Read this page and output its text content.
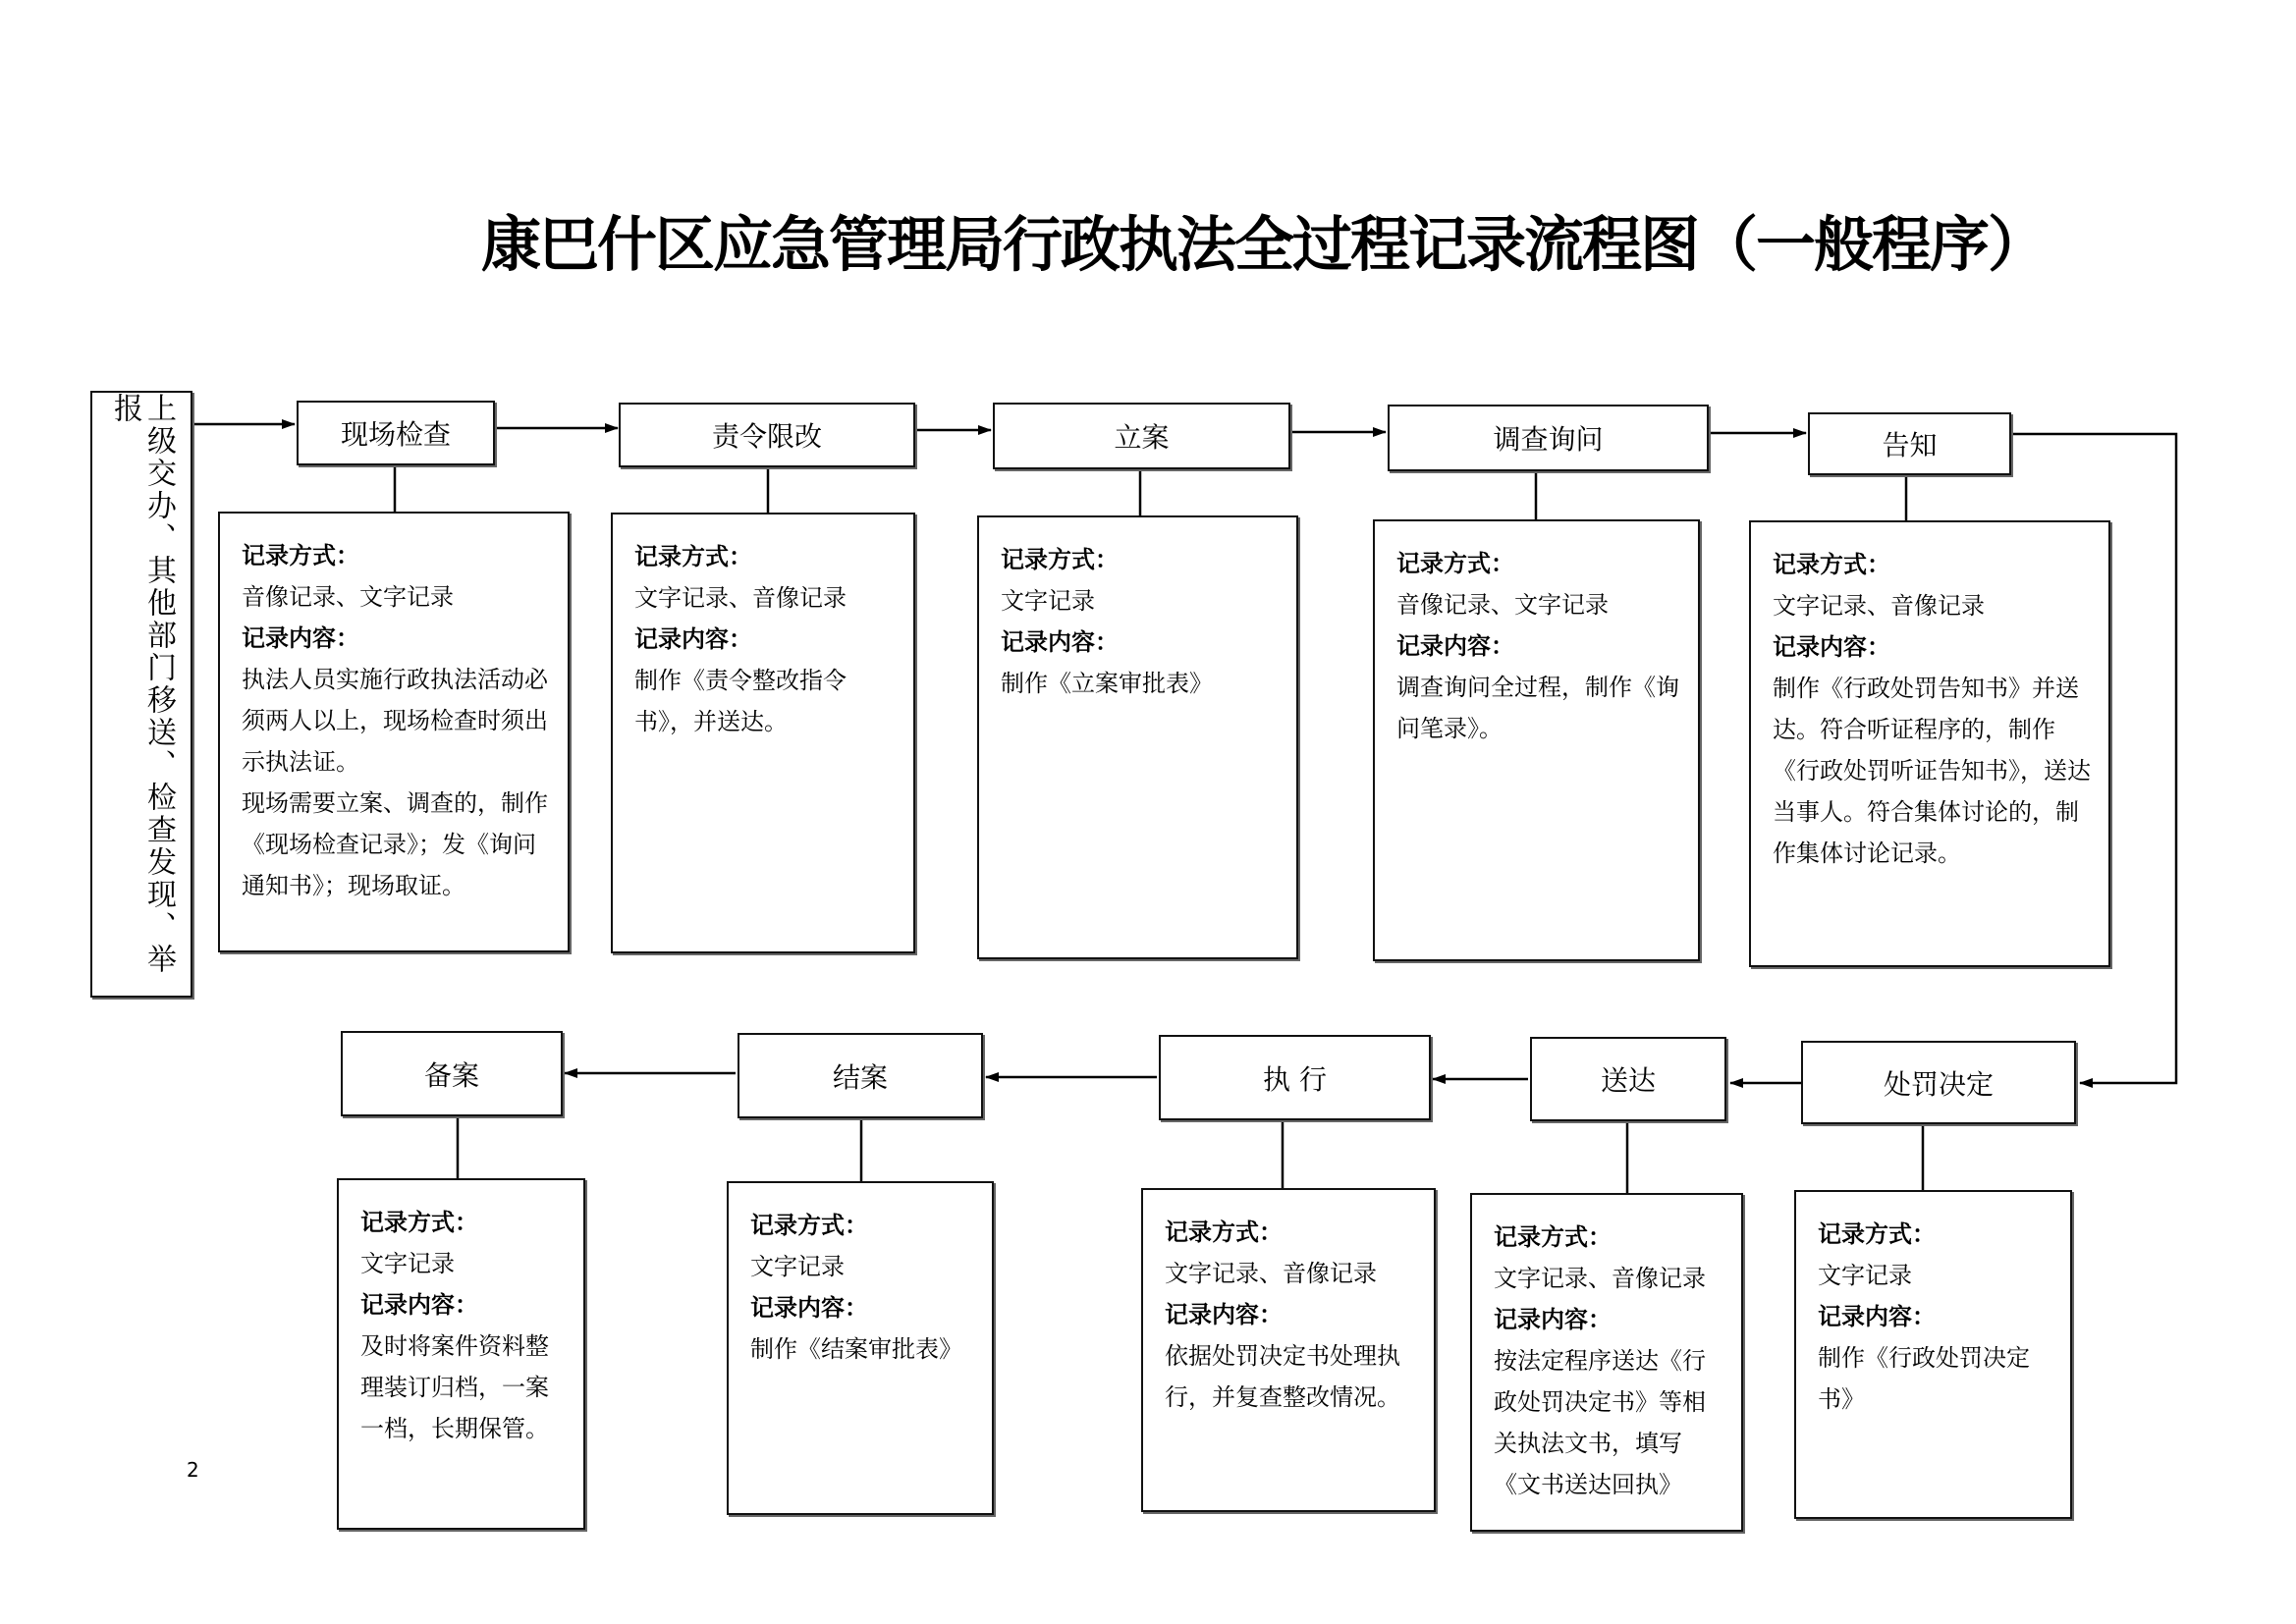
康巴什区应急管理局行政执法全过程记录流程图（一般程序）
上级交办、其他部门移送、检查发现、举报
现场检查

记录方式：

音像记录、文字记录

记录内容：

执法人员实施行政执法活动必须两人以上，现场检查时须出示执法证。

现场需要立案、调查的，制作《现场检查记录》；发《询问通知书》；现场取证。

责令限改

记录方式：

文字记录、音像记录

记录内容：

制作《责令整改指令书》，并送达。

立案

记录方式：

文字记录

记录内容：

制作《立案审批表》

调查询问

记录方式：

音像记录、文字记录

记录内容：

调查询问全过程，制作《询问笔录》。

告知

记录方式：

文字记录、音像记录

记录内容：

制作《行政处罚告知书》并送达。符合听证程序的，制作《行政处罚听证告知书》，送达当事人。符合集体讨论的，制作集体讨论记录。

处罚决定

记录方式：

文字记录

记录内容：

制作《行政处罚决定书》

送达

记录方式：

文字记录、音像记录

记录内容：

按法定程序送达《行政处罚决定书》等相关执法文书，填写《文书送达回执》

执 行

记录方式：

文字记录、音像记录

记录内容：

依据处罚决定书处理执行，并复查整改情况。

结案

记录方式：

文字记录

记录内容：

制作《结案审批表》

备案

记录方式：

文字记录

记录内容：

及时将案件资料整理装订归档，一案一档，长期保管。

2
